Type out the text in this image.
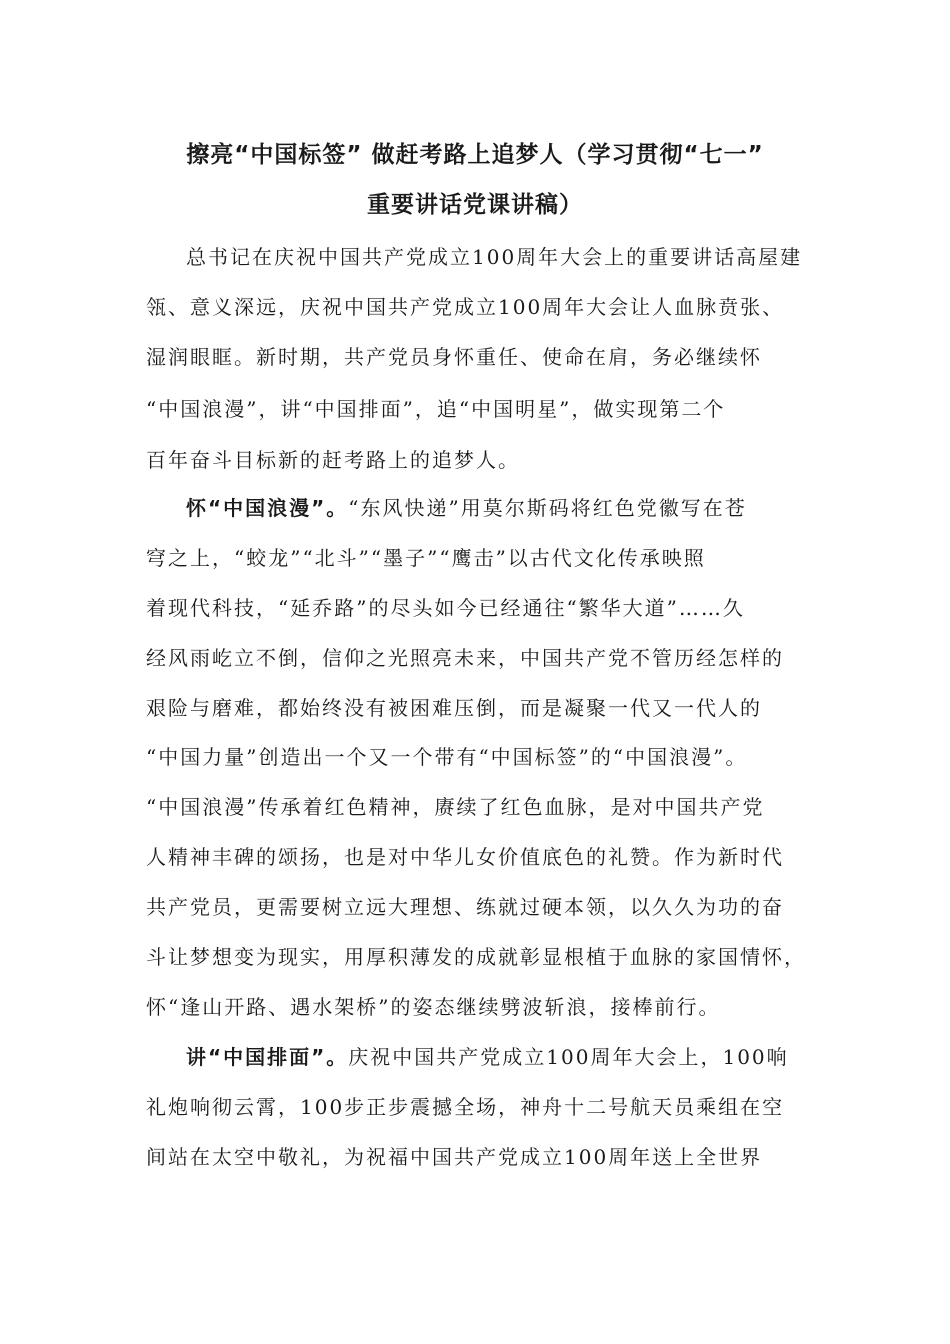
擦亮“中国标签” 做赶考路上追梦人（学习贯彻“七一”
重要讲话党课讲稿）
总书记在庆祝中国共产党成立100周年大会上的重要讲话高屋建
瓴、意义深远，庆祝中国共产党成立100周年大会让人血脉贲张、
湿润眼眶。新时期，共产党员身怀重任、使命在肩，务必继续怀
“中国浪漫”，讲“中国排面”，追“中国明星”，做实现第二个
百年奋斗目标新的赶考路上的追梦人。
怀“中国浪漫”。“东风快递”用莫尔斯码将红色党徽写在苍
穹之上，“蛟龙”“北斗”“墨子”“鹰击”以古代文化传承映照
着现代科技，“延乔路”的尽头如今已经通往“繁华大道”……久
经风雨屹立不倒，信仰之光照亮未来，中国共产党不管历经怎样的
艰险与磨难，都始终没有被困难压倒，而是凝聚一代又一代人的
“中国力量”创造出一个又一个带有“中国标签”的“中国浪漫”。
“中国浪漫”传承着红色精神，赓续了红色血脉，是对中国共产党
人精神丰碑的颂扬，也是对中华儿女价值底色的礼赞。作为新时代
共产党员，更需要树立远大理想、练就过硬本领，以久久为功的奋
斗让梦想变为现实，用厚积薄发的成就彰显根植于血脉的家国情怀，
怀“逢山开路、遇水架桥”的姿态继续劈波斩浪，接棒前行。
讲“中国排面”。庆祝中国共产党成立100周年大会上，100响
礼炮响彻云霄，100步正步震撼全场，神舟十二号航天员乘组在空
间站在太空中敬礼，为祝福中国共产党成立100周年送上全世界
